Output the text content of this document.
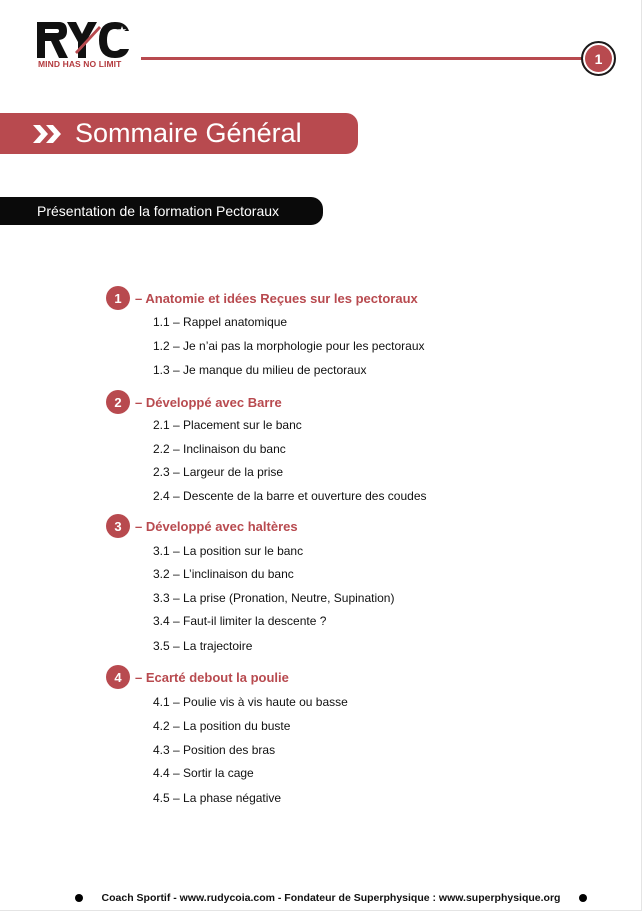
MIND HAS NO LIMIT	1
Sommaire Général
Présentation de la formation Pectoraux
1	– Anatomie et idées Reçues sur les pectoraux
1.1 – Rappel anatomique
1.2 – Je n’ai pas la morphologie pour les pectoraux
1.3 – Je manque du milieu de pectoraux
2	– Développé avec Barre
2.1 – Placement sur le banc
2.2 – Inclinaison du banc
2.3 – Largeur de la prise
2.4 – Descente de la barre et ouverture des coudes
3	– Développé avec haltères
3.1 – La position sur le banc
3.2 – L’inclinaison du banc
3.3 – La prise (Pronation, Neutre, Supination)
3.4 – Faut-il limiter la descente ?
3.5 – La trajectoire
4	– Ecarté debout la poulie
4.1 – Poulie vis à vis haute ou basse
4.2 – La position du buste
4.3 – Position des bras
4.4 – Sortir la cage
4.5 – La phase négative
Coach Sportif - www.rudycoia.com - Fondateur de Superphysique : www.superphysique.org
